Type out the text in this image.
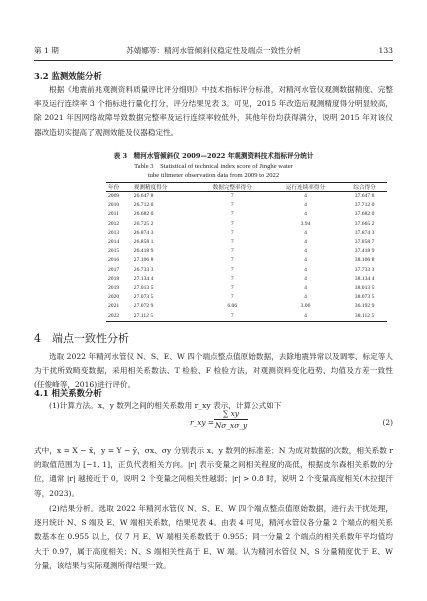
第 1 期	苏婧娜等：精河水管倾斜仪稳定性及端点一致性分析	133
3.2 监测效能分析

根据《地震前兆观测资料质量评比评分细则》中技术指标评分标准，对精河水管仪观测数据精度、完整率及运行连续率 3 个指标进行量化打分，评分结果见表 3。可见，2015 年改造后观测精度得分明显较高，除 2021 年因网络故障导致数据完整率及运行连续率较低外，其他年份均获得满分，说明 2015 年对该仪器改造切实提高了观测效能及仪器稳定性。

表 3　精河水管倾斜仪 2009—2022 年观测资料技术指标评分统计
Table 3　Statistical of technical index score of Jinghe water
tube tiltmeter observation data from 2009 to 2022
年份	观测精度得分	数据完整率得分	运行连续率得分	综合得分
2009	26.647 8	7	4	37.647 8
2010	26.712 0	7	4	37.712 0
2011	26.682 0	7	4	37.682 0
2012	26.725 2	7	3.94	37.665 2
2013	26.874 3	7	4	37.874 3
2014	26.858 1	7	4	37.858 7
2015	26.418 9	7	4	37.418 9
2016	27.106 8	7	4	38.106 8
2017	26.733 3	7	4	37.733 3
2018	27.134 4	7	4	38.134 4
2019	27.013 5	7	4	38.013 5
2020	27.073 5	7	4	38.073 5
2021	27.072 9	6.06	3.06	36.192 9
2022	27.112 5	7	4	38.112 5
4　端点一致性分析

选取 2022 年精河水管仪 N、S、E、W 四个端点整点值原始数据，去除地震异常以及调零、标定等人为干扰所致畸变数据，采用相关系数法、T 检验、F 检验方法，对观测资料变化趋势、均值及方差一致性(任俊峰等，2016)进行评价。

4.1 相关系数分析

(1)计算方法。x、y 数列之间的相关系数用 r_xy 表示，计算公式如下

r_xy =
∑ xy
Nσ_xσ_y	(2)

式中，x = X − x̄，y = Y − ȳ，σx、σy 分别表示 x、y 数列的标准差；N 为成对数据的次数，相关系数 r 的取值范围为 [−1, 1]，正负代表相关方向。|r| 表示变量之间相关程度的高低，根据皮尔森相关系数的分位，通常 |r| 越接近于 0，说明 2 个变量之间相关性越弱；|r| > 0.8 时，说明 2 个变量高度相关(木拉提汗等，2023)。

(2)结果分析。选取 2022 年精河水管仪 N、S、E、W 四个端点整点值原始数据，进行去干扰处理，逐月统计 N、S 端及 E、W 端相关系数，结果见表 4。由表 4 可见，精河水管仪各分量 2 个端点的相关系数基本在 0.955 以上，仅 7 月 E、W 端相关系数低于 0.955；同一分量 2 个端点的相关系数年平均值均大于 0.97，属于高度相关；N、S 端相关性高于 E、W 端。认为精河水管仪 N、S 分量精度优于 E、W 分量，该结果与实际观测所得结果一致。
